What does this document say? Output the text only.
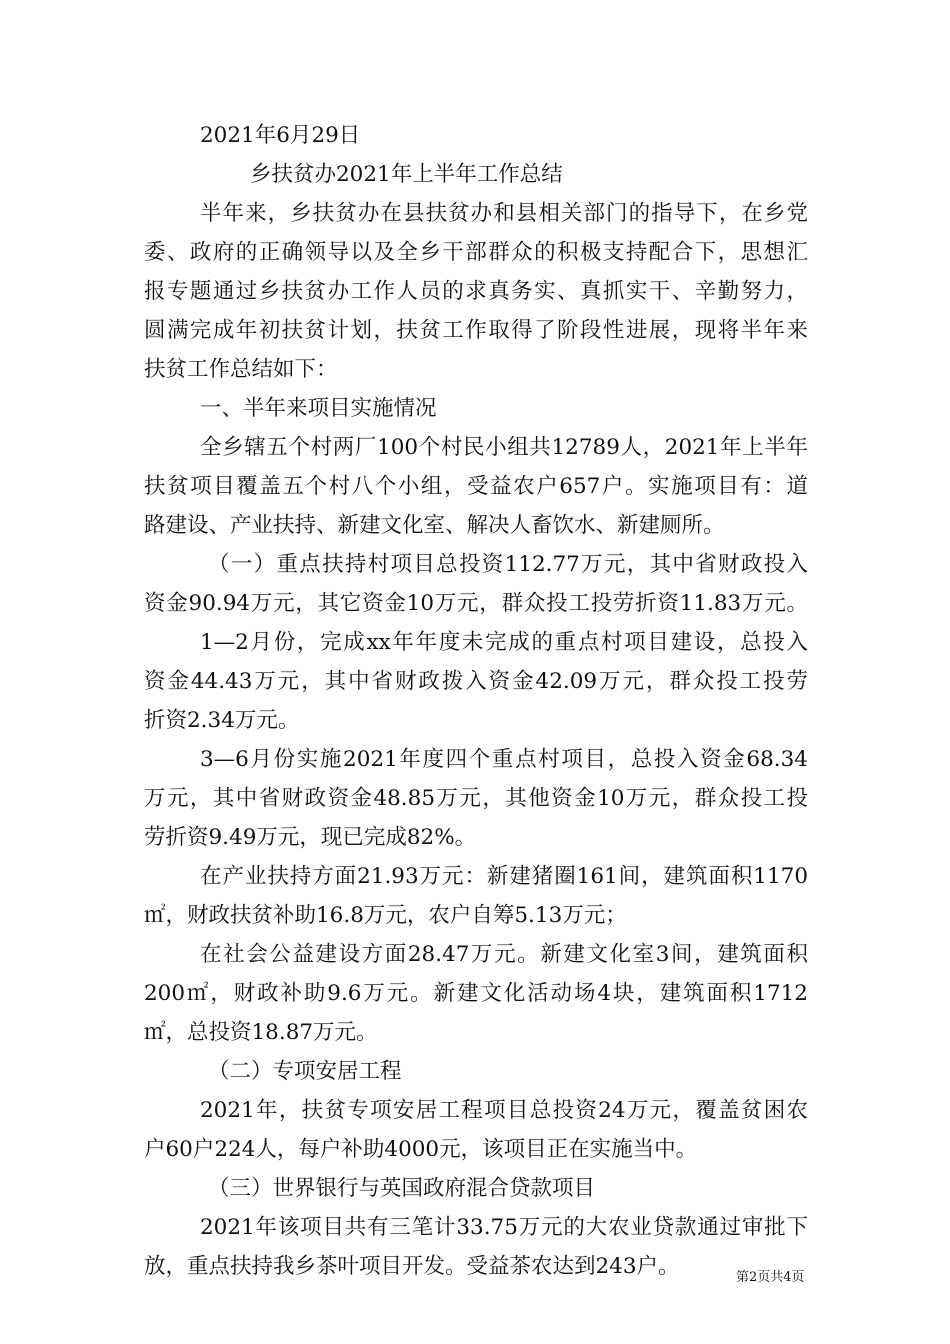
2021年6月29日
乡扶贫办2021年上半年工作总结
半年来，乡扶贫办在县扶贫办和县相关部门的指导下，在乡党
委、政府的正确领导以及全乡干部群众的积极支持配合下，思想汇
报专题通过乡扶贫办工作人员的求真务实、真抓实干、辛勤努力，
圆满完成年初扶贫计划，扶贫工作取得了阶段性进展，现将半年来
扶贫工作总结如下：
一、半年来项目实施情况
全乡辖五个村两厂100个村民小组共12789人，2021年上半年
扶贫项目覆盖五个村八个小组，受益农户657户。实施项目有：道
路建设、产业扶持、新建文化室、解决人畜饮水、新建厕所。
（一）重点扶持村项目总投资112.77万元，其中省财政投入
资金90.94万元，其它资金10万元，群众投工投劳折资11.83万元。
1—2月份，完成xx年年度未完成的重点村项目建设，总投入
资金44.43万元，其中省财政拨入资金42.09万元，群众投工投劳
折资2.34万元。
3—6月份实施2021年度四个重点村项目，总投入资金68.34
万元，其中省财政资金48.85万元，其他资金10万元，群众投工投
劳折资9.49万元，现已完成82%。
在产业扶持方面21.93万元：新建猪圈161间，建筑面积1170
㎡，财政扶贫补助16.8万元，农户自筹5.13万元；
在社会公益建设方面28.47万元。新建文化室3间，建筑面积
200㎡，财政补助9.6万元。新建文化活动场4块，建筑面积1712
㎡，总投资18.87万元。
（二）专项安居工程
2021年，扶贫专项安居工程项目总投资24万元，覆盖贫困农
户60户224人，每户补助4000元，该项目正在实施当中。
（三）世界银行与英国政府混合贷款项目
2021年该项目共有三笔计33.75万元的大农业贷款通过审批下
放，重点扶持我乡茶叶项目开发。受益茶农达到243户。	第2页共4页
